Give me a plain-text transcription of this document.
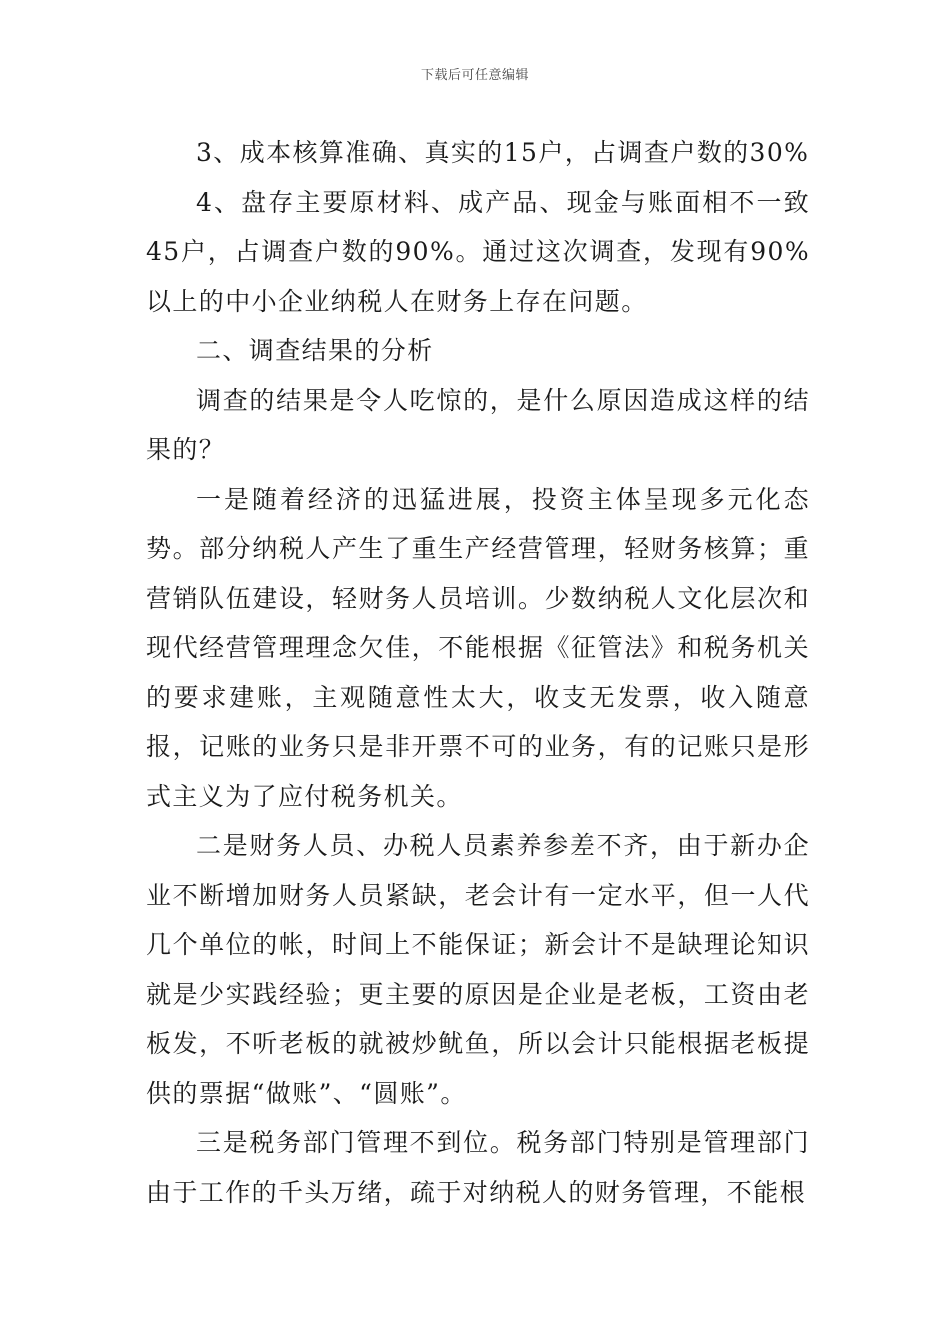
下载后可任意编辑

3、成本核算准确、真实的15户，占调查户数的30%

4、盘存主要原材料、成产品、现金与账面相不一致45户，占调查户数的90%。通过这次调查，发现有90%以上的中小企业纳税人在财务上存在问题。

二、调查结果的分析

调查的结果是令人吃惊的，是什么原因造成这样的结果的？

一是随着经济的迅猛进展，投资主体呈现多元化态势。部分纳税人产生了重生产经营管理，轻财务核算；重营销队伍建设，轻财务人员培训。少数纳税人文化层次和现代经营管理理念欠佳，不能根据《征管法》和税务机关的要求建账，主观随意性太大，收支无发票，收入随意报，记账的业务只是非开票不可的业务，有的记账只是形式主义为了应付税务机关。

二是财务人员、办税人员素养参差不齐，由于新办企业不断增加财务人员紧缺，老会计有一定水平，但一人代几个单位的帐，时间上不能保证；新会计不是缺理论知识就是少实践经验；更主要的原因是企业是老板，工资由老板发，不听老板的就被炒鱿鱼，所以会计只能根据老板提供的票据“做账”、“圆账”。

三是税务部门管理不到位。税务部门特别是管理部门由于工作的千头万绪，疏于对纳税人的财务管理，不能根
